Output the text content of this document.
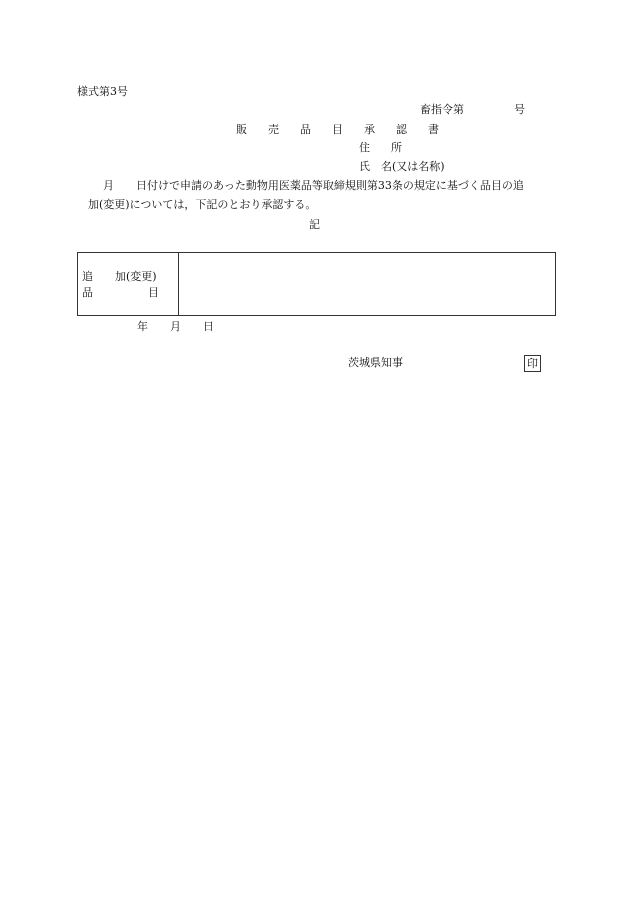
様式第3号
畜指令第	号
販　売　品　目　承　認　書
住　所
氏　名(又は名称)
月　　日付けで申請のあった動物用医薬品等取締規則第33条の規定に基づく品目の追
加(変更)については，下記のとおり承認する。
記
追　　加(変更)
品　　　　　目
年　　月　　日
茨城県知事	印
